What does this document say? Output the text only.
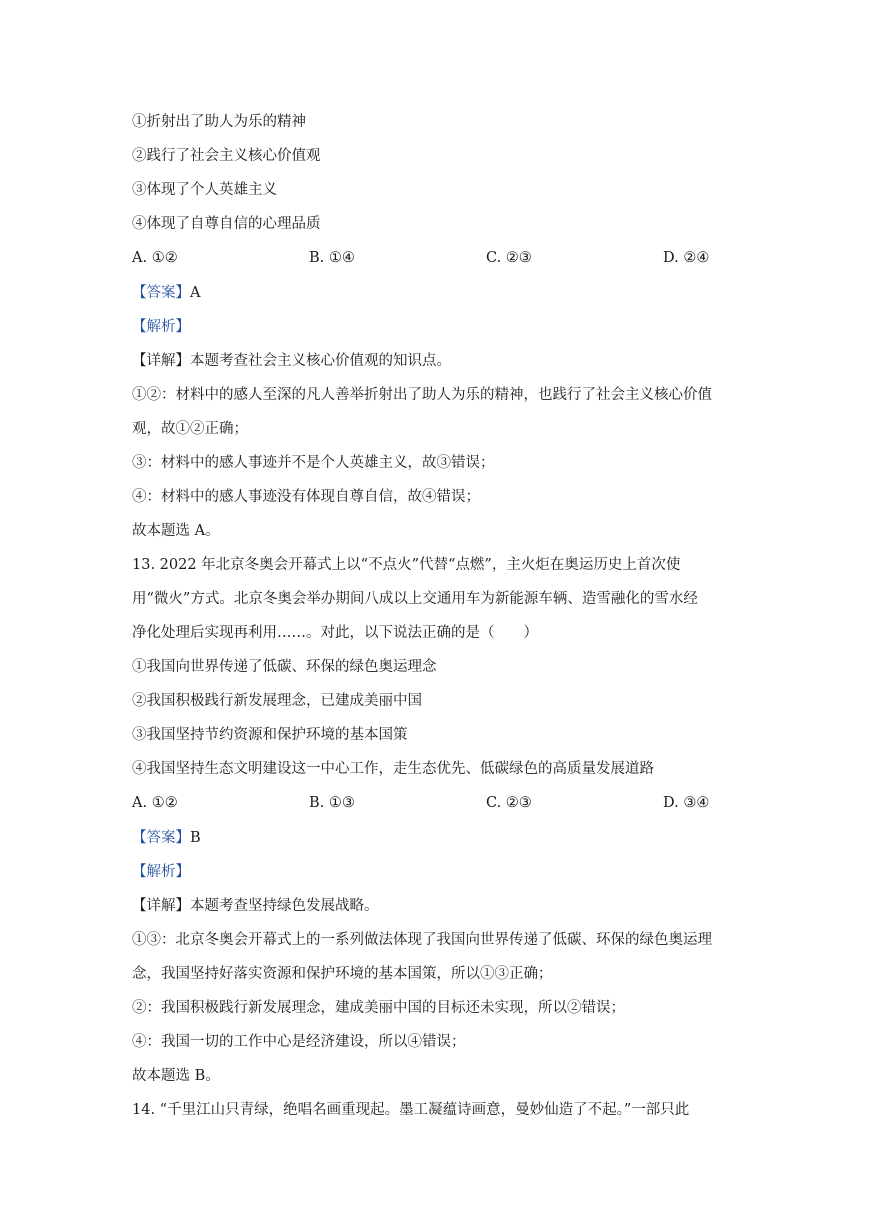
①折射出了助人为乐的精神
②践行了社会主义核心价值观
③体现了个人英雄主义
④体现了自尊自信的心理品质
A. ①②	B. ①④	C. ②③	D. ②④
【答案】A
【解析】
【详解】本题考查社会主义核心价值观的知识点。
①②：材料中的感人至深的凡人善举折射出了助人为乐的精神，也践行了社会主义核心价值
观，故①②正确；
③：材料中的感人事迹并不是个人英雄主义，故③错误；
④：材料中的感人事迹没有体现自尊自信，故④错误；
故本题选 A。
13. 2022 年北京冬奥会开幕式上以“不点火”代替“点燃”，主火炬在奥运历史上首次使
用“微火”方式。北京冬奥会举办期间八成以上交通用车为新能源车辆、造雪融化的雪水经
净化处理后实现再利用……。对此，以下说法正确的是（　　）
①我国向世界传递了低碳、环保的绿色奥运理念
②我国积极践行新发展理念，已建成美丽中国
③我国坚持节约资源和保护环境的基本国策
④我国坚持生态文明建设这一中心工作，走生态优先、低碳绿色的高质量发展道路
A. ①②	B. ①③	C. ②③	D. ③④
【答案】B
【解析】
【详解】本题考查坚持绿色发展战略。
①③：北京冬奥会开幕式上的一系列做法体现了我国向世界传递了低碳、环保的绿色奥运理
念，我国坚持好落实资源和保护环境的基本国策，所以①③正确；
②：我国积极践行新发展理念，建成美丽中国的目标还未实现，所以②错误；
④：我国一切的工作中心是经济建设，所以④错误；
故本题选 B。
14. “千里江山只青绿，绝唱名画重现起。墨工凝蕴诗画意，曼妙仙造了不起。”一部只此
